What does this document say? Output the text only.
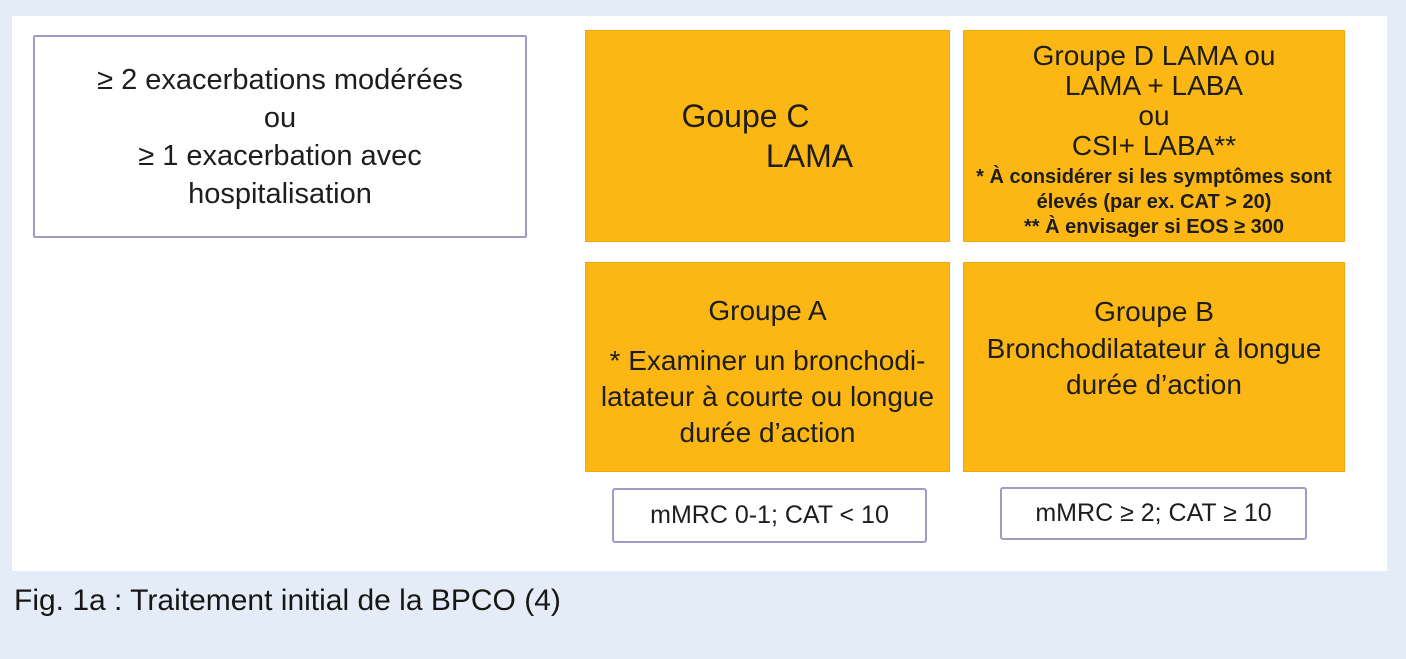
≥ 2 exacerbations modérées
ou
≥ 1 exacerbation avec
hospitalisation
Goupe C
LAMA
Groupe D LAMA ou
LAMA + LABA
ou
CSI+ LABA**
* À considérer si les symptômes sont
élevés (par ex. CAT > 20)
** À envisager si EOS ≥ 300
Groupe A
* Examiner un bronchodi-
latateur à courte ou longue
durée d’action
Groupe B
Bronchodilatateur à longue
durée d’action
mMRC 0-1; CAT < 10	mMRC ≥ 2; CAT ≥ 10
Fig. 1a : Traitement initial de la BPCO (4)
